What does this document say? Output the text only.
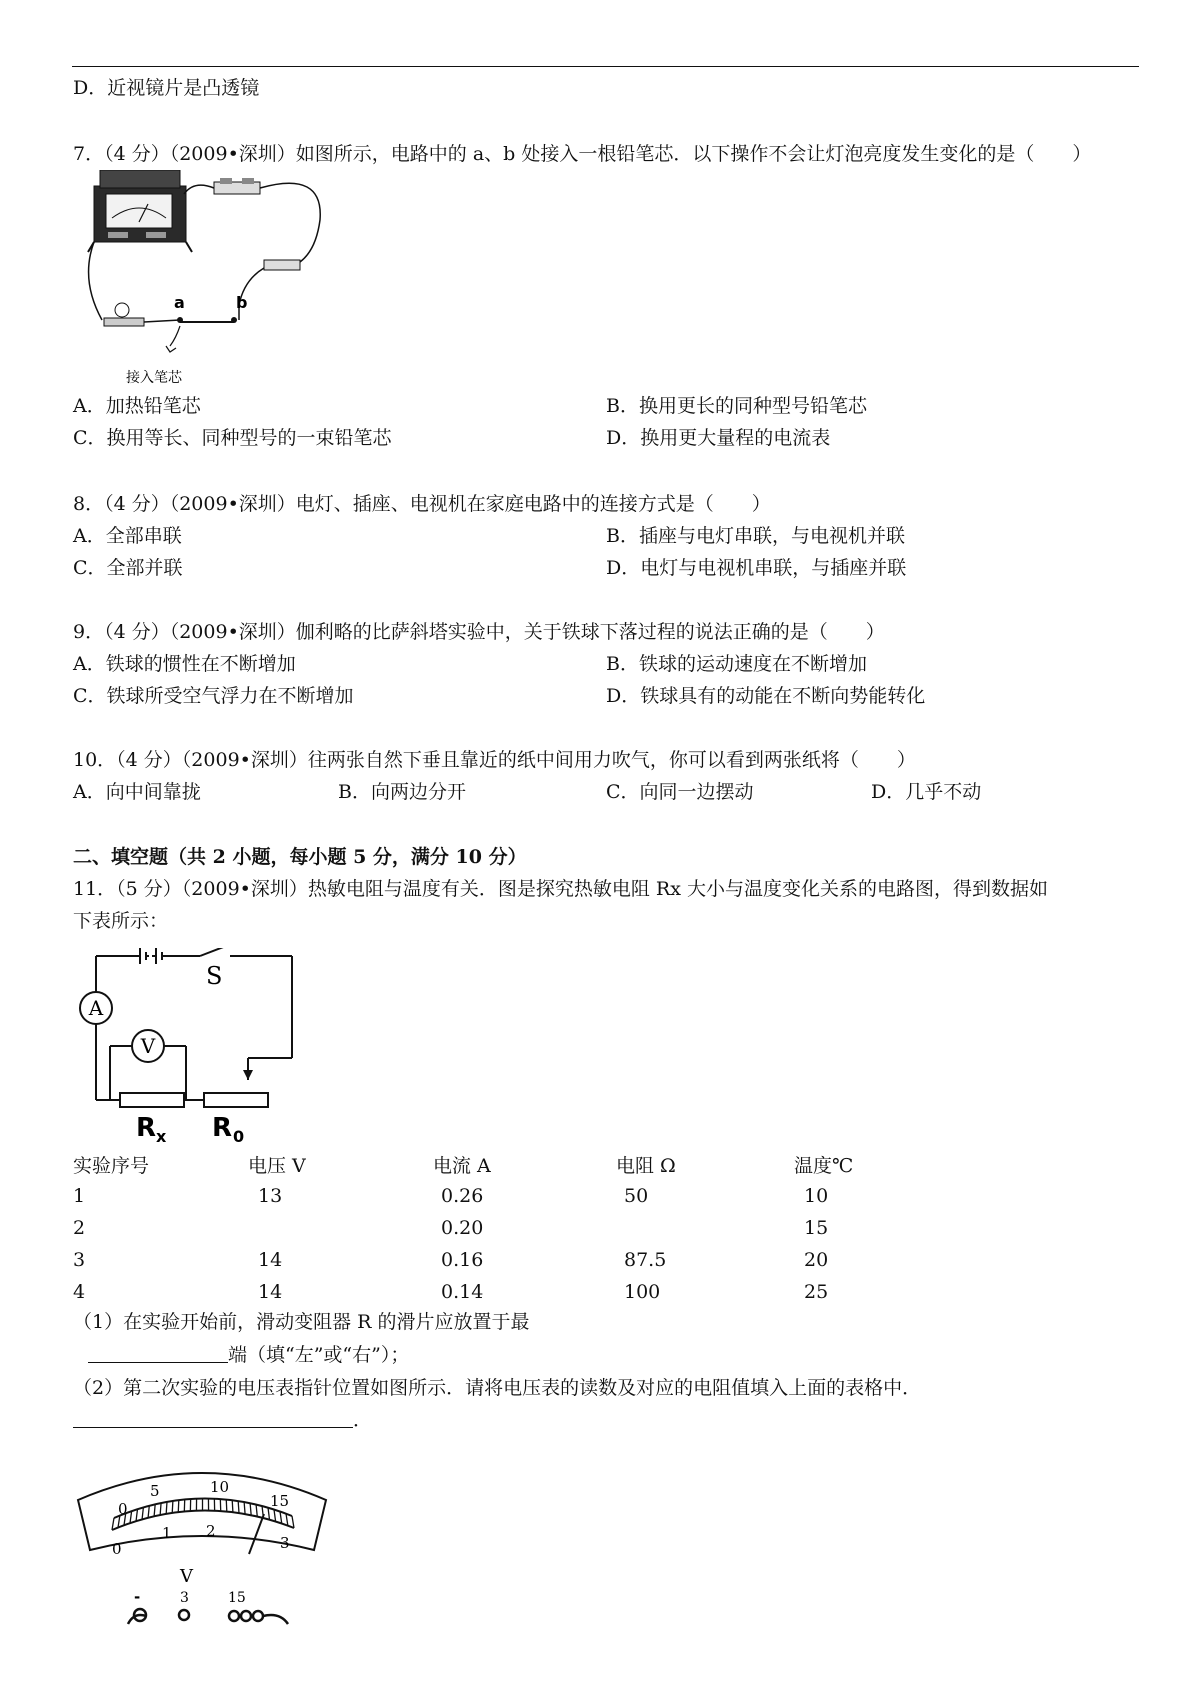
D．近视镜片是凸透镜
7．（4 分）（2009•深圳）如图所示，电路中的 a、b 处接入一根铅笔芯．以下操作不会让灯泡亮度发生变化的是（　　）
a	b
接入笔芯
A．加热铅笔芯	B．换用更长的同种型号铅笔芯
C．换用等长、同种型号的一束铅笔芯	D．换用更大量程的电流表
8．（4 分）（2009•深圳）电灯、插座、电视机在家庭电路中的连接方式是（　　）
A．全部串联	B．插座与电灯串联，与电视机并联
C．全部并联	D．电灯与电视机串联，与插座并联
9．（4 分）（2009•深圳）伽利略的比萨斜塔实验中，关于铁球下落过程的说法正确的是（　　）
A．铁球的惯性在不断增加	B．铁球的运动速度在不断增加
C．铁球所受空气浮力在不断增加	D．铁球具有的动能在不断向势能转化
10．（4 分）（2009•深圳）往两张自然下垂且靠近的纸中间用力吹气，你可以看到两张纸将（　　）
A．向中间靠拢	B．向两边分开	C．向同一边摆动	D．几乎不动
二、填空题（共 2 小题，每小题 5 分，满分 10 分）
11．（5 分）（2009•深圳）热敏电阻与温度有关．图是探究热敏电阻 Rx 大小与温度变化关系的电路图，得到数据如
下表所示：
A
V
S
R x R 0
实验序号	电压 V	电流 A	电阻 Ω	温度℃
1	13	0.26	50	10
2		0.20		15
3	14	0.16	87.5	20
4	14	0.14	100	25
（1）在实验开始前，滑动变阻器 R 的滑片应放置于最
端（填“左”或“右”）；
（2）第二次实验的电压表指针位置如图所示．请将电压表的读数及对应的电阻值填入上面的表格中．
．
0
5	10
15
0
1 2
3
V
-	3	15
